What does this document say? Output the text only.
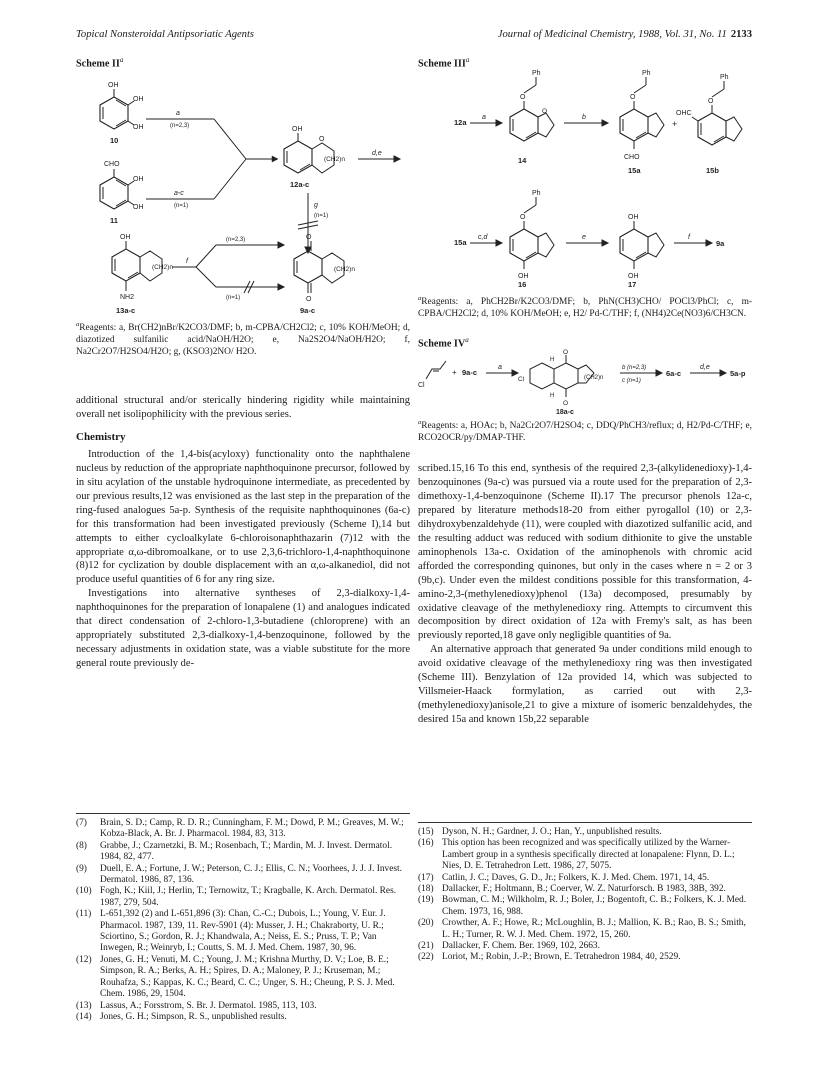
Topical Nonsteroidal Antipsoriatic Agents	Journal of Medicinal Chemistry, 1988, Vol. 31, No. 11 2133
Scheme $II^a$
OH
OH
OH
10
CHO
OH
OH
11
a
(n=2,3)
a-c
(n=1)
OH
O
(CH2)n
12a-c
d,e
g
(n=1)
OH
NH2
(CH2)n
13a-c
f
(n=2,3)
(n=1)
O
O
(CH2)n
9a-c
$^a$Reagents: a, Br(CH2)nBr/K2CO3/DMF; b, m-CPBA/CH2Cl2; c, 10% KOH/MeOH; d, diazotized sulfanilic acid/NaOH/H2O; e, Na2S2O4/NaOH/H2O; f, Na2Cr2O7/H2SO4/H2O; g, (KSO3)2NO/ H2O.

additional structural and/or sterically hindering rigidity while maintaining overall net isolipophilicity with the previous series.

Chemistry

Introduction of the 1,4-bis(acyloxy) functionality onto the naphthalene nucleus by reduction of the appropriate naphthoquinone precursor, followed by in situ acylation of the unstable hydroquinone intermediate, as precedented by our previous results,12 was envisioned as the last step in the preparation of the ring-fused analogues 5a-p. Synthesis of the requisite naphthoquinones (6a-c) for this transformation had been investigated previously (Scheme I),14 but attempts to either cycloalkylate 6-chloroisonaphthazarin (7)12 with the appropriate α,ω-dibromoalkane, or to use 2,3,6-trichloro-1,4-naphthoquinone (8)12 for cyclization by double displacement with an α,ω-alkanediol, did not produce useful quantities of 6 for any ring size.

Investigations into alternative syntheses of 2,3-dialkoxy-1,4-naphthoquinones for the preparation of lonapalene (1) and analogues indicated that direct condensation of 2-chloro-1,3-butadiene (chloroprene) with an appropriately substituted 2,3-dialkoxy-1,4-benzoquinone, followed by the necessary adjustments in oxidation state, was a viable substitute for the more general route previously de-

(7)	Brain, S. D.; Camp, R. D. R.; Cunningham, F. M.; Dowd, P. M.; Greaves, M. W.; Kobza-Black, A. Br. J. Pharmacol. 1984, 83, 313.
(8)	Grabbe, J.; Czarnetzki, B. M.; Rosenbach, T.; Mardin, M. J. Invest. Dermatol. 1984, 82, 477.
(9)	Duell, E. A.; Fortune, J. W.; Peterson, C. J.; Ellis, C. N.; Voorhees, J. J. J. Invest. Dermatol. 1986, 87, 136.
(10) Fogh, K.; Kiil, J.; Herlin, T.; Ternowitz, T.; Kragballe, K. Arch. Dermatol. Res. 1987, 279, 504.
(11) L-651,392 (2) and L-651,896 (3): Chan, C.-C.; Dubois, L.; Young, V. Eur. J. Pharmacol. 1987, 139, 11. Rev-5901 (4): Musser, J. H.; Chakraborty, U. R.; Sciortino, S.; Gordon, R. J.; Khandwala, A.; Neiss, E. S.; Pruss, T. P.; Van Inwegen, R.; Weinryb, I.; Coutts, S. M. J. Med. Chem. 1987, 30, 96.
(12) Jones, G. H.; Venuti, M. C.; Young, J. M.; Krishna Murthy, D. V.; Loe, B. E.; Simpson, R. A.; Berks, A. H.; Spires, D. A.; Maloney, P. J.; Kruseman, M.; Rouhafza, S.; Kappas, K. C.; Beard, C. C.; Unger, S. H.; Cheung, P. S. J. Med. Chem. 1986, 29, 1504.
(13) Lassus, A.; Forsstrom, S. Br. J. Dermatol. 1985, 113, 103.
(14) Jones, G. H.; Simpson, R. S., unpublished results.
Scheme III$^a$
12a
a
Ph
O
O
14
b
Ph
O
CHO
15a
+
Ph
O
OHC
15b
15a
c,d
Ph
O
OH
16
e
OH
OH
17
f
9a
$^a$Reagents: a, PhCH2Br/K2CO3/DMF; b, PhN(CH3)CHO/ POCl3/PhCl; c, m-CPBA/CH2Cl2; d, 10% KOH/MeOH; e, H2/ Pd-C/THF; f, (NH4)2Ce(NO3)6/CH3CN.
Scheme $IV^a$
Cl
+ 9a-c
a
O
O
H
H
Cl	(CH2)n
18a-c
b (n=2,3)
c (n=1)
6a-c
d,e
5a-p
$^a$Reagents: a, HOAc; b, Na2Cr2O7/H2SO4; c, DDQ/PhCH3/reflux; d, H2/Pd-C/THF; e, RCO2OCR/py/DMAP-THF.

scribed.15,16 To this end, synthesis of the required 2,3-(alkylidenedioxy)-1,4-benzoquinones (9a-c) was pursued via a route used for the preparation of 2,3-dimethoxy-1,4-benzoquinone (Scheme II).17 The precursor phenols 12a-c, prepared by literature methods18-20 from either pyrogallol (10) or 2,3-dihydroxybenzaldehyde (11), were coupled with diazotized sulfanilic acid, and the resulting adduct was reduced with sodium dithionite to give the unstable aminophenols 13a-c. Oxidation of the aminophenols with chromic acid afforded the corresponding quinones, but only in the cases where n = 2 or 3 (9b,c). Under even the mildest conditions possible for this transformation, 4-amino-2,3-(methylenedioxy)phenol (13a) decomposed, presumably by oxidative cleavage of the methylenedioxy ring. Attempts to circumvent this decomposition by direct oxidation of 12a with Fremy's salt, as has been previously reported,18 gave only negligible quantities of 9a.

An alternative approach that generated 9a under conditions mild enough to avoid oxidative cleavage of the methylenedioxy ring was then investigated (Scheme III). Benzylation of 12a provided 14, which was subjected to Villsmeier-Haack formylation, as carried out with 2,3-(methylenedioxy)anisole,21 to give a mixture of isomeric benzaldehydes, the desired 15a and known 15b,22 separable

(15) Dyson, N. H.; Gardner, J. O.; Han, Y., unpublished results.
(16) This option has been recognized and was specifically utilized by the Warner-Lambert group in a synthesis specifically directed at lonapalene: Flynn, D. L.; Nies, D. E. Tetrahedron Lett. 1986, 27, 5075.
(17) Catlin, J. C.; Daves, G. D., Jr.; Folkers, K. J. Med. Chem. 1971, 14, 45.
(18) Dallacker, F.; Holtmann, B.; Coerver, W. Z. Naturforsch. B 1983, 38B, 392.
(19) Bowman, C. M.; Wilkholm, R. J.; Boler, J.; Bogentoft, C. B.; Folkers, K. J. Med. Chem. 1973, 16, 988.
(20) Crowther, A. F.; Howe, R.; McLoughlin, B. J.; Mallion, K. B.; Rao, B. S.; Smith, L. H.; Turner, R. W. J. Med. Chem. 1972, 15, 260.
(21) Dallacker, F. Chem. Ber. 1969, 102, 2663.
(22) Loriot, M.; Robin, J.-P.; Brown, E. Tetrahedron 1984, 40, 2529.
